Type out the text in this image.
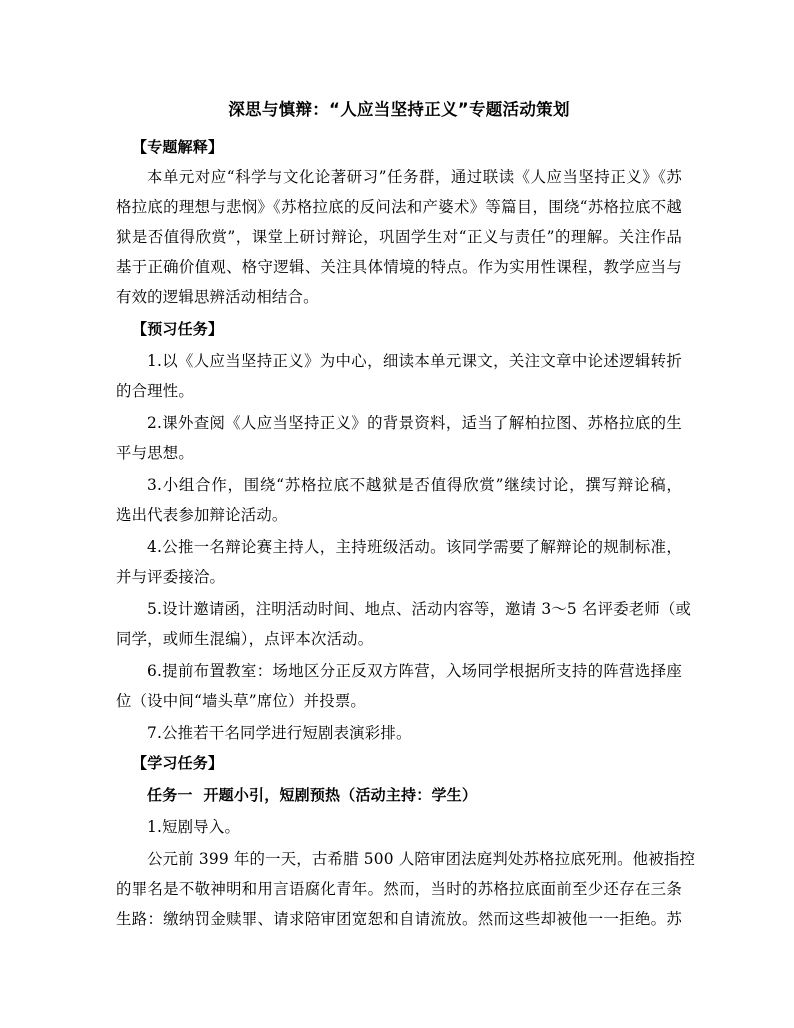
深思与慎辩：“人应当坚持正义”专题活动策划
【专题解释】
本单元对应“科学与文化论著研习”任务群，通过联读《人应当坚持正义》《苏
格拉底的理想与悲悯》《苏格拉底的反问法和产婆术》等篇目，围绕“苏格拉底不越
狱是否值得欣赏”，课堂上研讨辩论，巩固学生对“正义与责任”的理解。关注作品
基于正确价值观、格守逻辑、关注具体情境的特点。作为实用性课程，教学应当与
有效的逻辑思辨活动相结合。
【预习任务】
1.以《人应当坚持正义》为中心，细读本单元课文，关注文章中论述逻辑转折
的合理性。
2.课外查阅《人应当坚持正义》的背景资料，适当了解柏拉图、苏格拉底的生
平与思想。
3.小组合作，围绕“苏格拉底不越狱是否值得欣赏”继续讨论，撰写辩论稿，
选出代表参加辩论活动。
4.公推一名辩论赛主持人，主持班级活动。该同学需要了解辩论的规制标准，
并与评委接洽。
5.设计邀请函，注明活动时间、地点、活动内容等，邀请 3～5 名评委老师（或
同学，或师生混编），点评本次活动。
6.提前布置教室：场地区分正反双方阵营，入场同学根据所支持的阵营选择座
位（设中间“墙头草”席位）并投票。
7.公推若干名同学进行短剧表演彩排。
【学习任务】
任务一  开题小引，短剧预热（活动主持：学生）
1.短剧导入。
公元前 399 年的一天，古希腊 500 人陪审团法庭判处苏格拉底死刑。他被指控
的罪名是不敬神明和用言语腐化青年。然而，当时的苏格拉底面前至少还存在三条
生路：缴纳罚金赎罪、请求陪审团宽恕和自请流放。然而这些却被他一一拒绝。苏
